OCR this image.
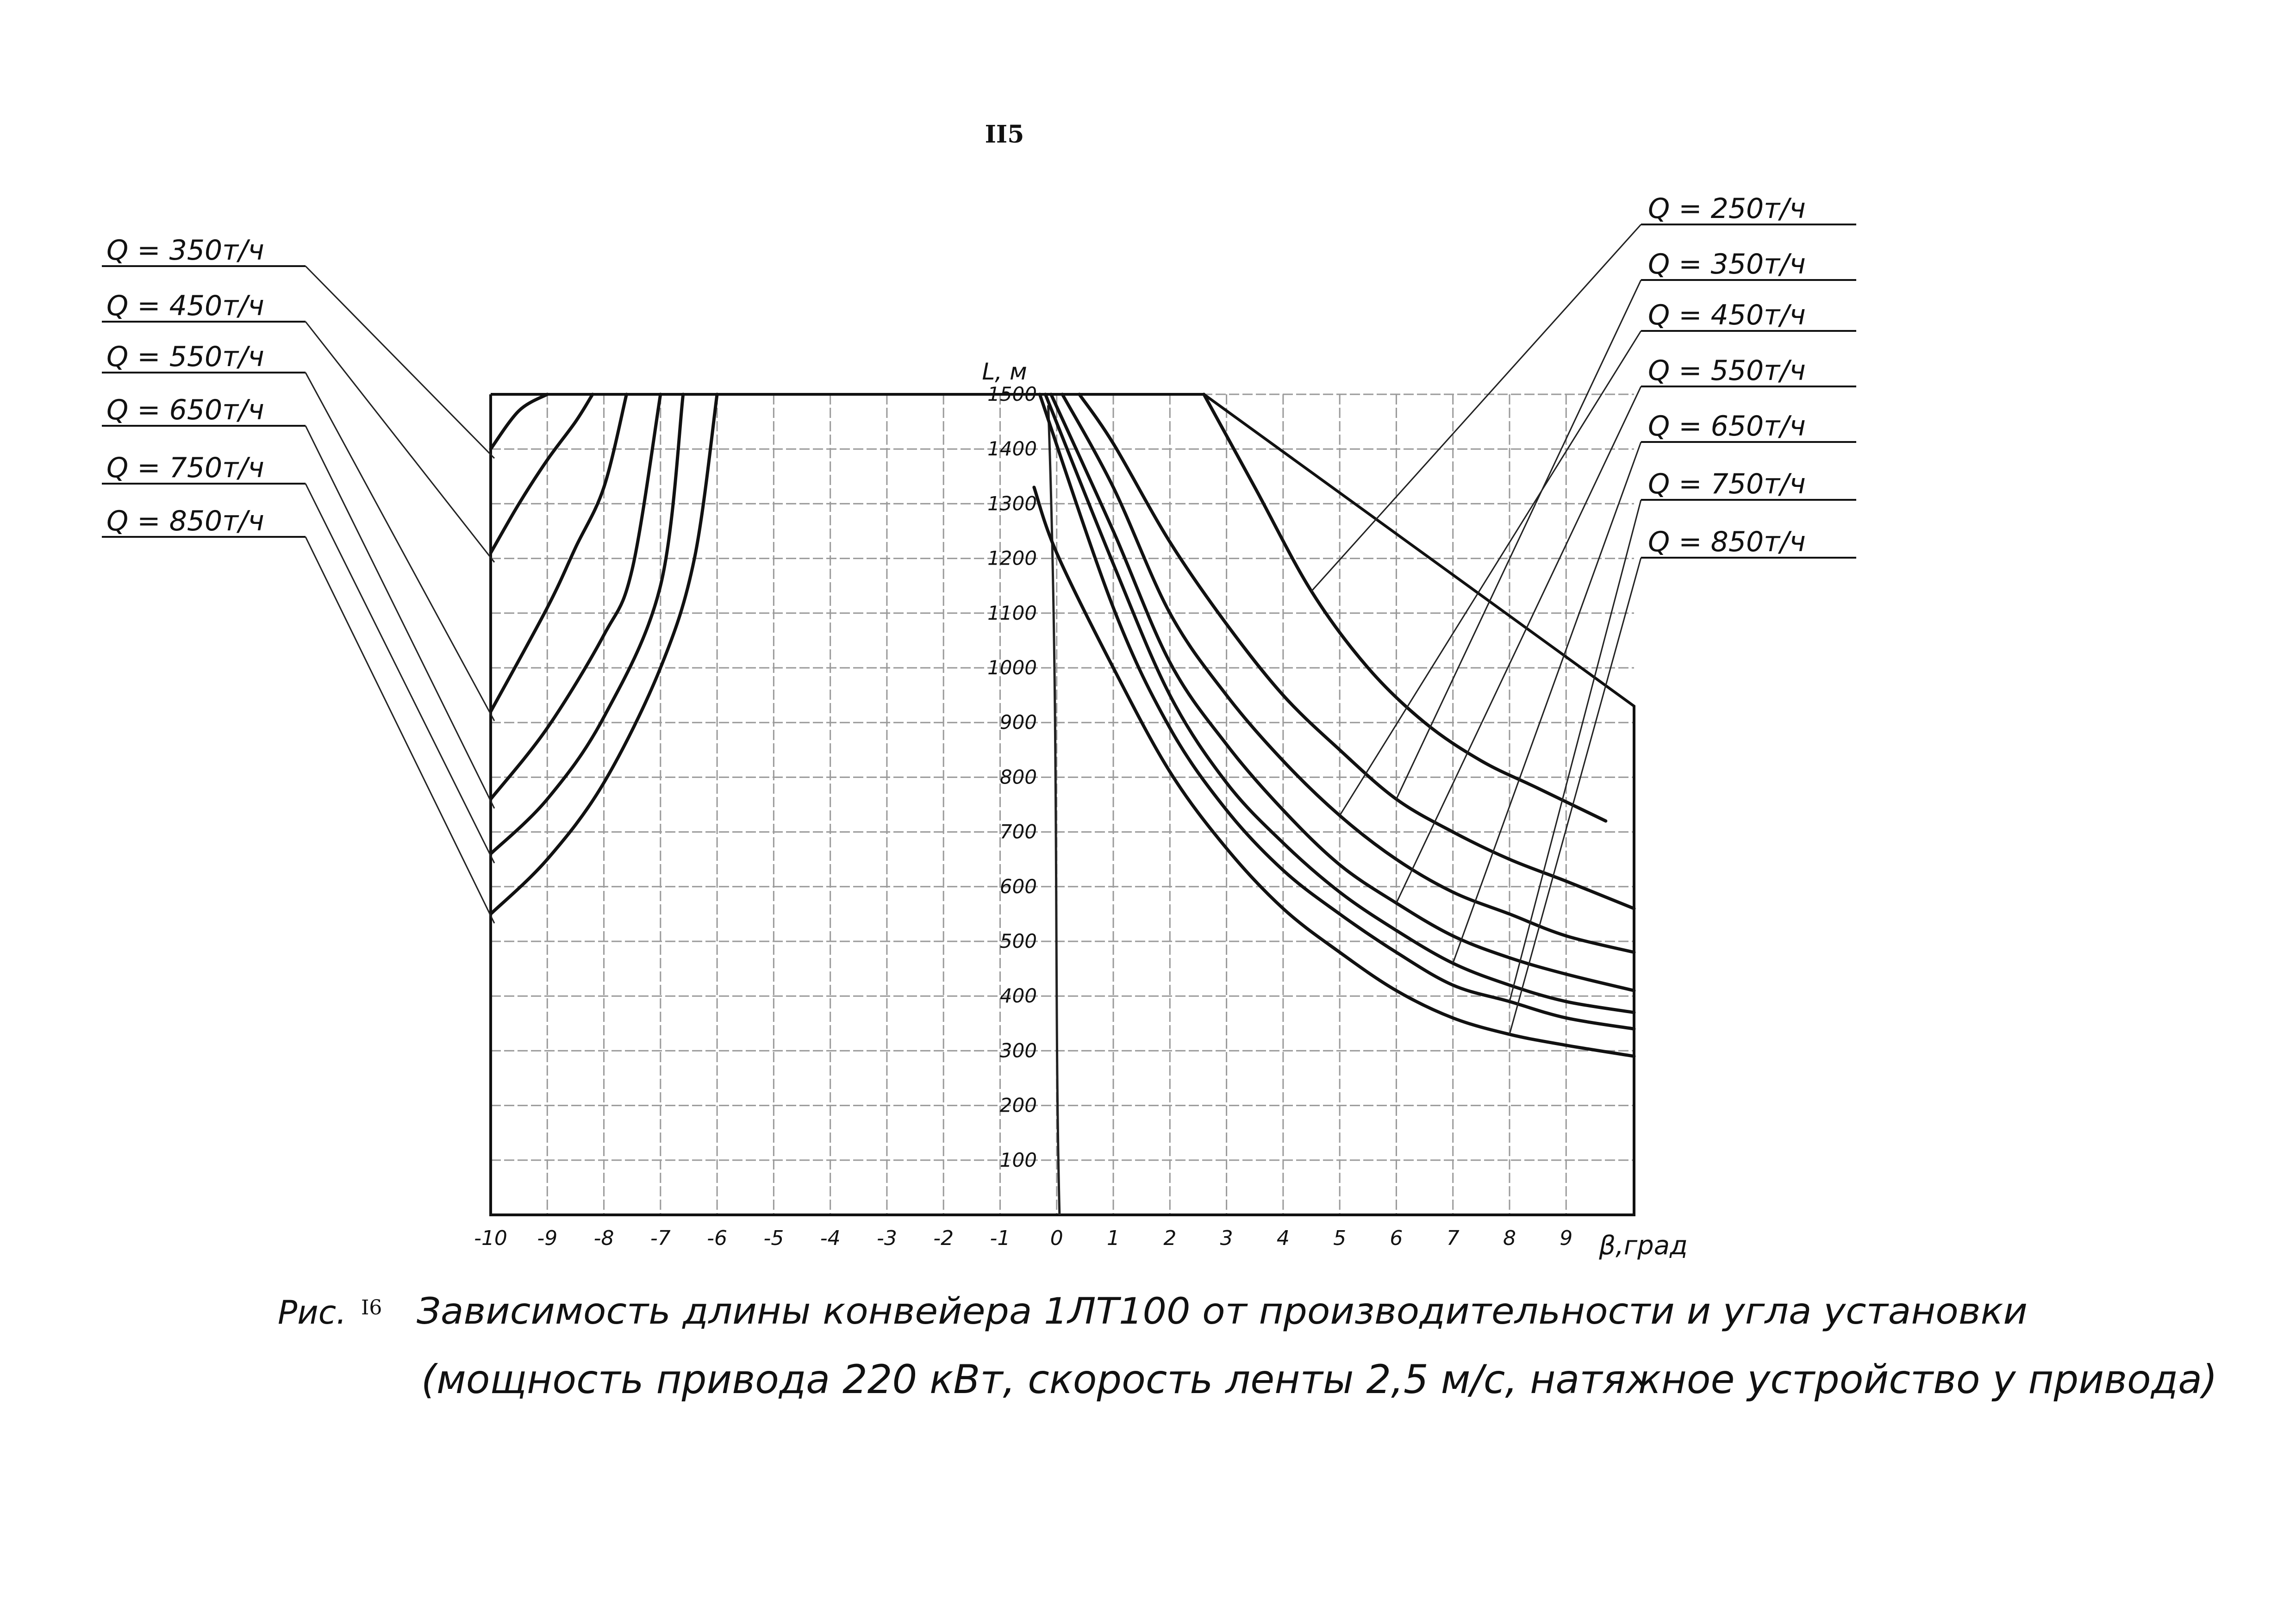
II5
-10 -9 -8 -7 -6 -5 -4 -3 -2 -1 0 1 2 3 4 5 6 7 8 9
100
200
300
400
500
600
700
800
900
1000
1100
1200
1300
1400
1500
Q = 350т/ч
Q = 450т/ч
Q = 550т/ч
Q = 650т/ч
Q = 750т/ч
Q = 850т/ч
Q = 250т/ч
Q = 350т/ч
Q = 450т/ч
Q = 550т/ч
Q = 650т/ч
Q = 750т/ч
Q = 850т/ч
L, м
β,град
Рис. I6 Зависимость длины конвейера 1ЛТ100 от производительности и угла установки
(мощность привода 220 кВт, скорость ленты 2,5 м/с, натяжное устройство у привода)
